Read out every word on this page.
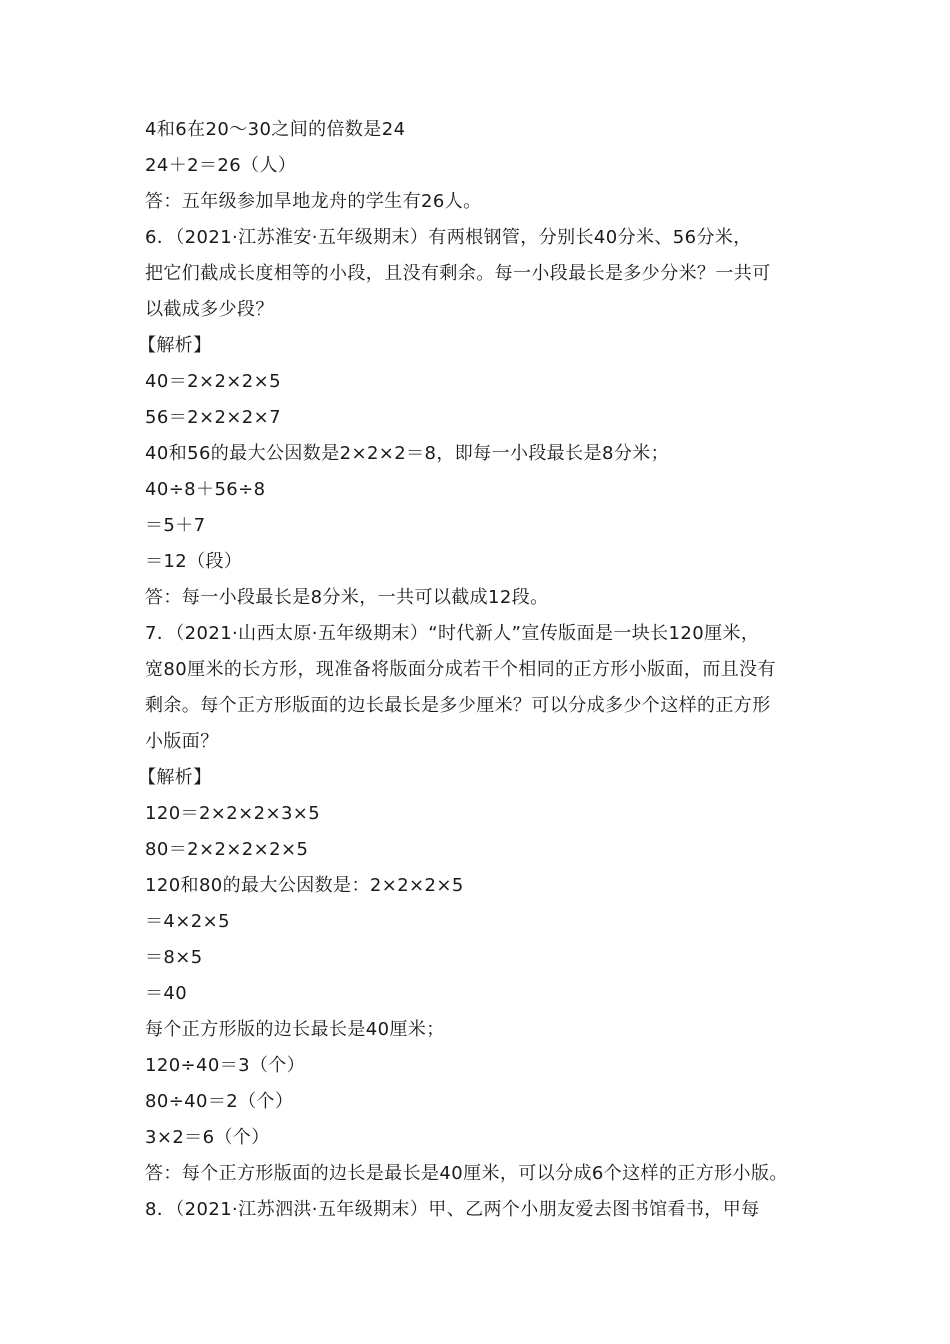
4和6在20～30之间的倍数是24
24＋2＝26（人）
答：五年级参加旱地龙舟的学生有26人。
6．（2021·江苏淮安·五年级期末）有两根钢管，分别长40分米、56分米，
把它们截成长度相等的小段，且没有剩余。每一小段最长是多少分米？一共可
以截成多少段？
【解析】
40＝2×2×2×5
56＝2×2×2×7
40和56的最大公因数是2×2×2＝8，即每一小段最长是8分米；
40÷8＋56÷8
＝5＋7
＝12（段）
答：每一小段最长是8分米，一共可以截成12段。
7．（2021·山西太原·五年级期末）“时代新人”宣传版面是一块长120厘米，
宽80厘米的长方形，现准备将版面分成若干个相同的正方形小版面，而且没有
剩余。每个正方形版面的边长最长是多少厘米？可以分成多少个这样的正方形
小版面？
【解析】
120＝2×2×2×3×5
80＝2×2×2×2×5
120和80的最大公因数是：2×2×2×5
＝4×2×5
＝8×5
＝40
每个正方形版的边长最长是40厘米；
120÷40＝3（个）
80÷40＝2（个）
3×2＝6（个）
答：每个正方形版面的边长是最长是40厘米，可以分成6个这样的正方形小版。
8．（2021·江苏泗洪·五年级期末）甲、乙两个小朋友爱去图书馆看书，甲每
